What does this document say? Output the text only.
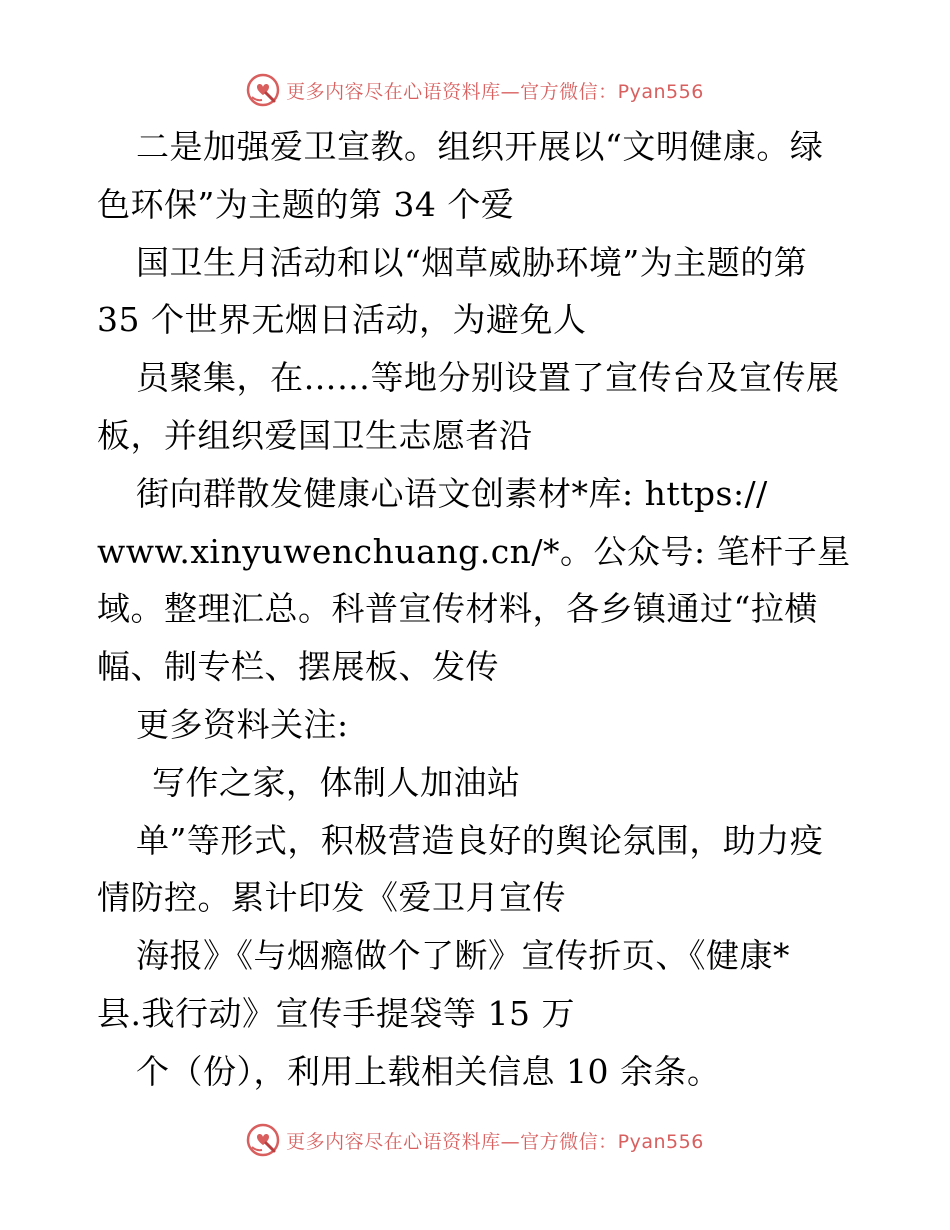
更多内容尽在心语资料库—官方微信：Pyan556
二是加强爱卫宣教。组织开展以“文明健康。绿
色环保”为主题的第 34 个爱
国卫生月活动和以“烟草威胁环境”为主题的第
35 个世界无烟日活动，为避免人
员聚集，在……等地分别设置了宣传台及宣传展
板，并组织爱国卫生志愿者沿
街向群散发健康心语文创素材*库: https://
www.xinyuwenchuang.cn/*。公众号: 笔杆子星
域。整理汇总。科普宣传材料，各乡镇通过“拉横
幅、制专栏、摆展板、发传
更多资料关注:
写作之家，体制人加油站
单”等形式，积极营造良好的舆论氛围，助力疫
情防控。累计印发《爱卫月宣传
海报》《与烟瘾做个了断》宣传折页、《健康*
县.我行动》宣传手提袋等 15 万
个（份），利用上载相关信息 10 余条。
更多内容尽在心语资料库—官方微信：Pyan556
